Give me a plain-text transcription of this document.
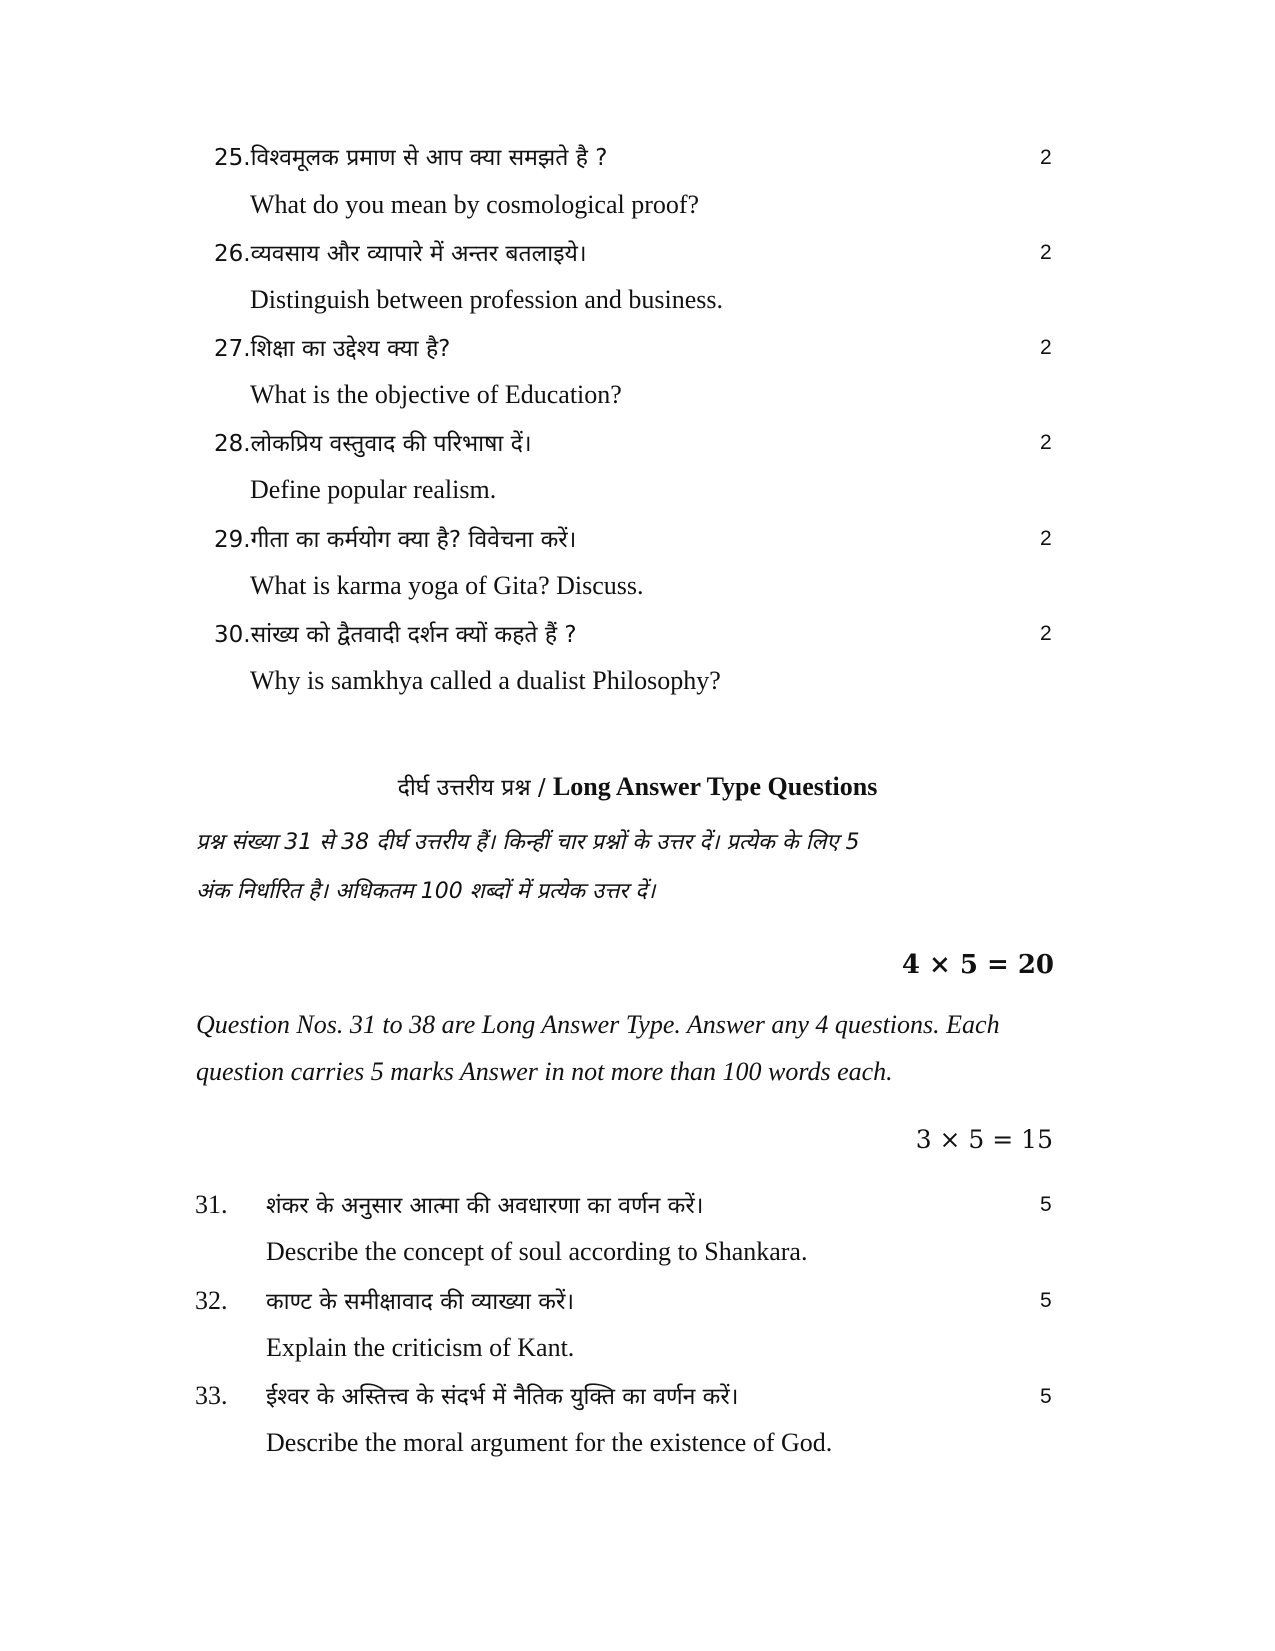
25.विश्वमूलक प्रमाण से आप क्या समझते है ?	2
What do you mean by cosmological proof?
26.व्यवसाय और व्यापारे में अन्तर बतलाइये।	2
Distinguish between profession and business.
27.शिक्षा का उद्देश्य क्या है?	2
What is the objective of Education?
28.लोकप्रिय वस्तुवाद की परिभाषा दें।	2
Define popular realism.
29.गीता का कर्मयोग क्या है? विवेचना करें।	2
What is karma yoga of Gita? Discuss.
30.सांख्य को द्वैतवादी दर्शन क्यों कहते हैं ?	2
Why is samkhya called a dualist Philosophy?
दीर्घ उत्तरीय प्रश्न / Long Answer Type Questions
प्रश्न संख्या 31 से 38 दीर्घ उत्तरीय हैं। किन्हीं चार प्रश्नों के उत्तर दें। प्रत्येक के लिए 5
अंक निर्धारित है। अधिकतम 100 शब्दों में प्रत्येक उत्तर दें।
4 × 5 = 20
Question Nos. 31 to 38 are Long Answer Type. Answer any 4 questions. Each
question carries 5 marks Answer in not more than 100 words each.
3 × 5 = 15
31. शंकर के अनुसार आत्मा की अवधारणा का वर्णन करें।	5
Describe the concept of soul according to Shankara.
32. काण्ट के समीक्षावाद की व्याख्या करें।	5
Explain the criticism of Kant.
33. ईश्वर के अस्तित्त्व के संदर्भ में नैतिक युक्ति का वर्णन करें।	5
Describe the moral argument for the existence of God.
